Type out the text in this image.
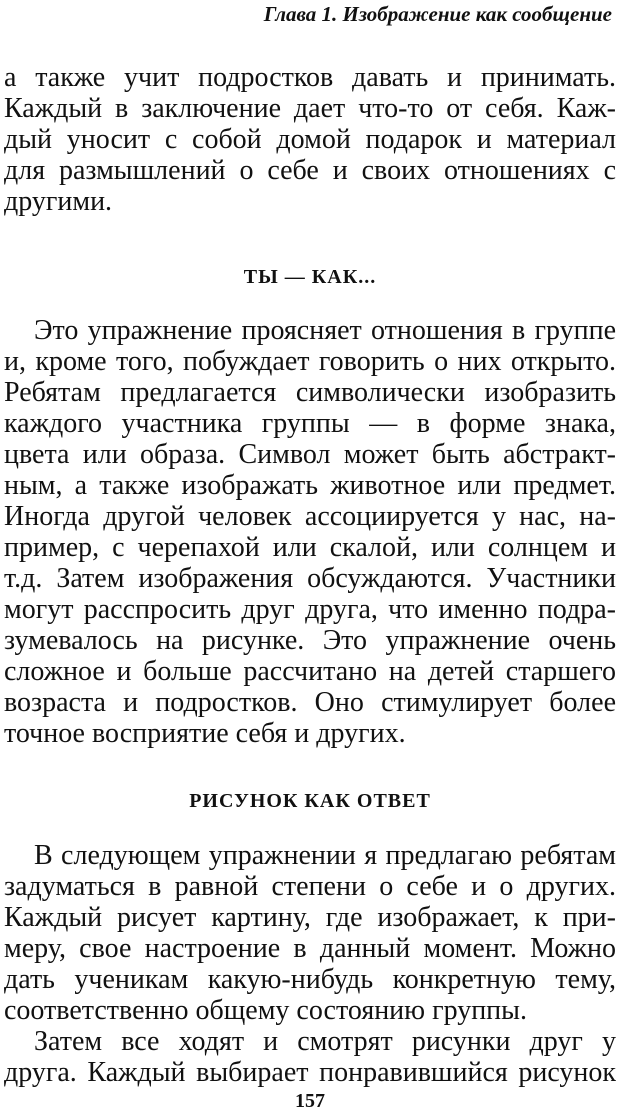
Глава 1. Изображение как сообщение
а также учит подростков давать и принимать.
Каждый в заключение дает что-то от себя. Каж-
дый уносит с собой домой подарок и материал
для размышлений о себе и своих отношениях с
другими.
ТЫ — КАК...
Это упражнение проясняет отношения в группе
и, кроме того, побуждает говорить о них открыто.
Ребятам предлагается символически изобразить
каждого участника группы — в форме знака,
цвета или образа. Символ может быть абстракт-
ным, а также изображать животное или предмет.
Иногда другой человек ассоциируется у нас, на-
пример, с черепахой или скалой, или солнцем и
т.д. Затем изображения обсуждаются. Участники
могут расспросить друг друга, что именно подра-
зумевалось на рисунке. Это упражнение очень
сложное и больше рассчитано на детей старшего
возраста и подростков. Оно стимулирует более
точное восприятие себя и других.
РИСУНОК КАК ОТВЕТ
В следующем упражнении я предлагаю ребятам
задуматься в равной степени о себе и о других.
Каждый рисует картину, где изображает, к при-
меру, свое настроение в данный момент. Можно
дать ученикам какую-нибудь конкретную тему,
соответственно общему состоянию группы.
Затем все ходят и смотрят рисунки друг у
друга. Каждый выбирает понравившийся рисунок
157
